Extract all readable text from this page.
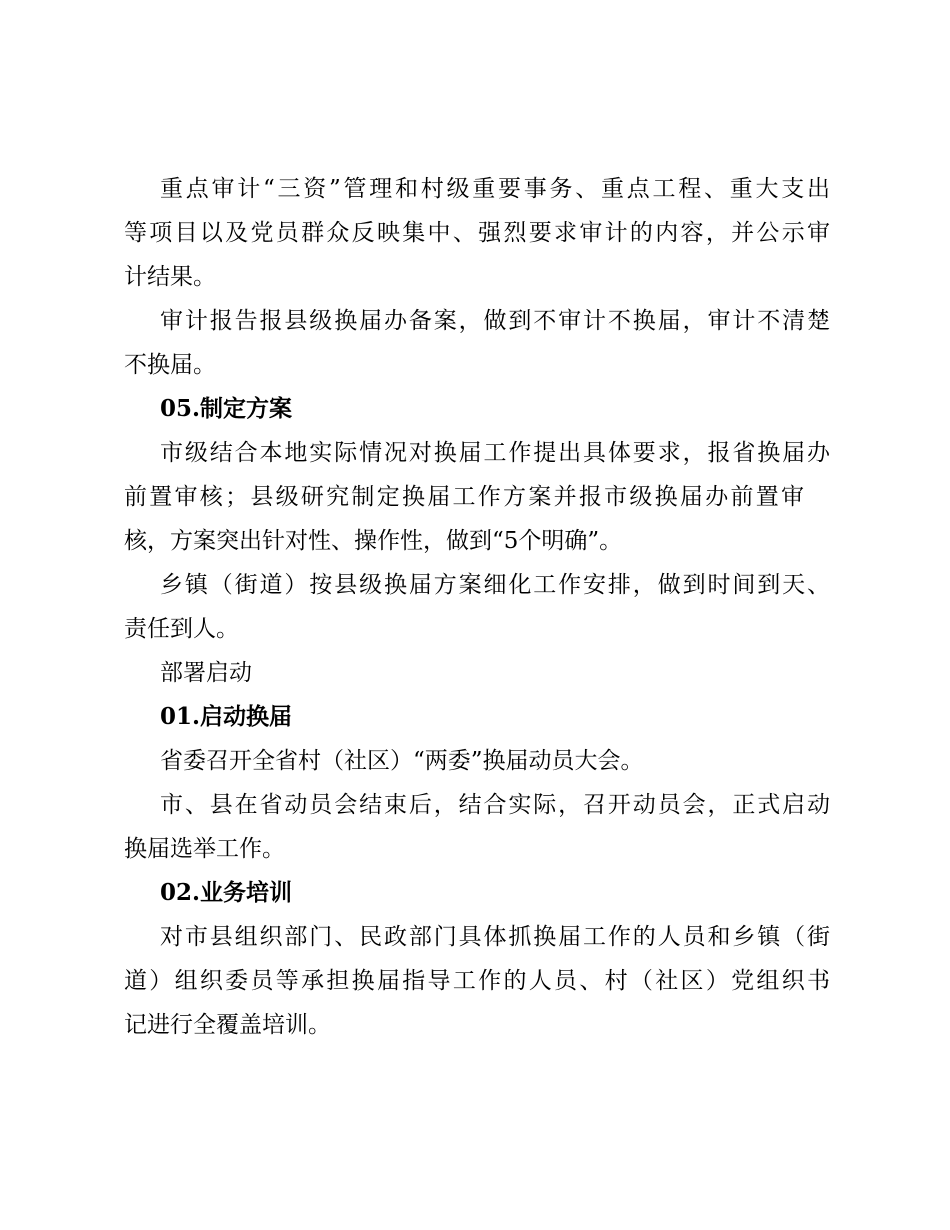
重点审计“三资”管理和村级重要事务、重点工程、重大支出
等项目以及党员群众反映集中、强烈要求审计的内容，并公示审
计结果。
审计报告报县级换届办备案，做到不审计不换届，审计不清楚
不换届。
05.制定方案
市级结合本地实际情况对换届工作提出具体要求，报省换届办
前置审核；县级研究制定换届工作方案并报市级换届办前置审
核，方案突出针对性、操作性，做到“5个明确”。
乡镇（街道）按县级换届方案细化工作安排，做到时间到天、
责任到人。
部署启动
01.启动换届
省委召开全省村（社区）“两委”换届动员大会。
市、县在省动员会结束后，结合实际，召开动员会，正式启动
换届选举工作。
02.业务培训
对市县组织部门、民政部门具体抓换届工作的人员和乡镇（街
道）组织委员等承担换届指导工作的人员、村（社区）党组织书
记进行全覆盖培训。
